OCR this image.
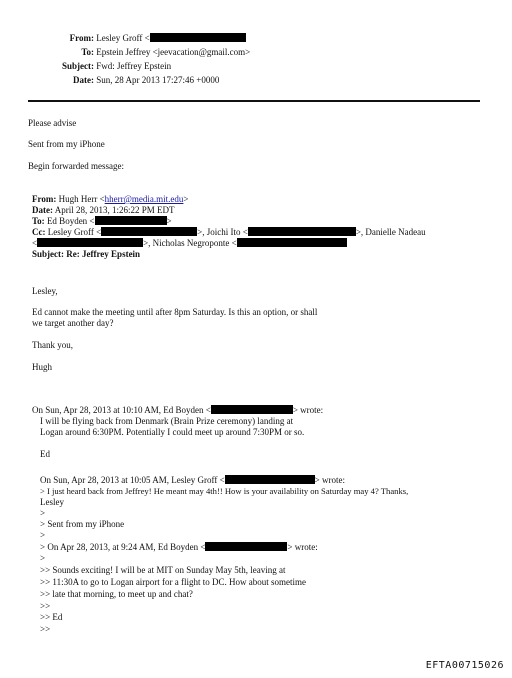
From: Lesley Groff <
To: Epstein Jeffrey <jeevacation@gmail.com>
Subject: Fwd: Jeffrey Epstein
Date: Sun, 28 Apr 2013 17:27:46 +0000
Please advise
Sent from my iPhone
Begin forwarded message:
From: Hugh Herr <hherr@media.mit.edu>
Date: April 28, 2013, 1:26:22 PM EDT
To: Ed Boyden <	>
Cc: Lesley Groff <	>, Joichi Ito <	>, Danielle Nadeau
<	>, Nicholas Negroponte <
Subject: Re: Jeffrey Epstein
Lesley,
Ed cannot make the meeting until after 8pm Saturday. Is this an option, or shall
we target another day?
Thank you,
Hugh
On Sun, Apr 28, 2013 at 10:10 AM, Ed Boyden <	> wrote:
I will be flying back from Denmark (Brain Prize ceremony) landing at
Logan around 6:30PM. Potentially I could meet up around 7:30PM or so.
Ed
On Sun, Apr 28, 2013 at 10:05 AM, Lesley Groff <	> wrote:
> I just heard back from Jeffrey! He meant may 4th!! How is your availability on Saturday may 4? Thanks,
Lesley
>
> Sent from my iPhone
>
> On Apr 28, 2013, at 9:24 AM, Ed Boyden <	> wrote:
>
>> Sounds exciting! I will be at MIT on Sunday May 5th, leaving at
>> 11:30A to go to Logan airport for a flight to DC. How about sometime
>> late that morning, to meet up and chat?
>>
>> Ed
>>
EFTA00715026
